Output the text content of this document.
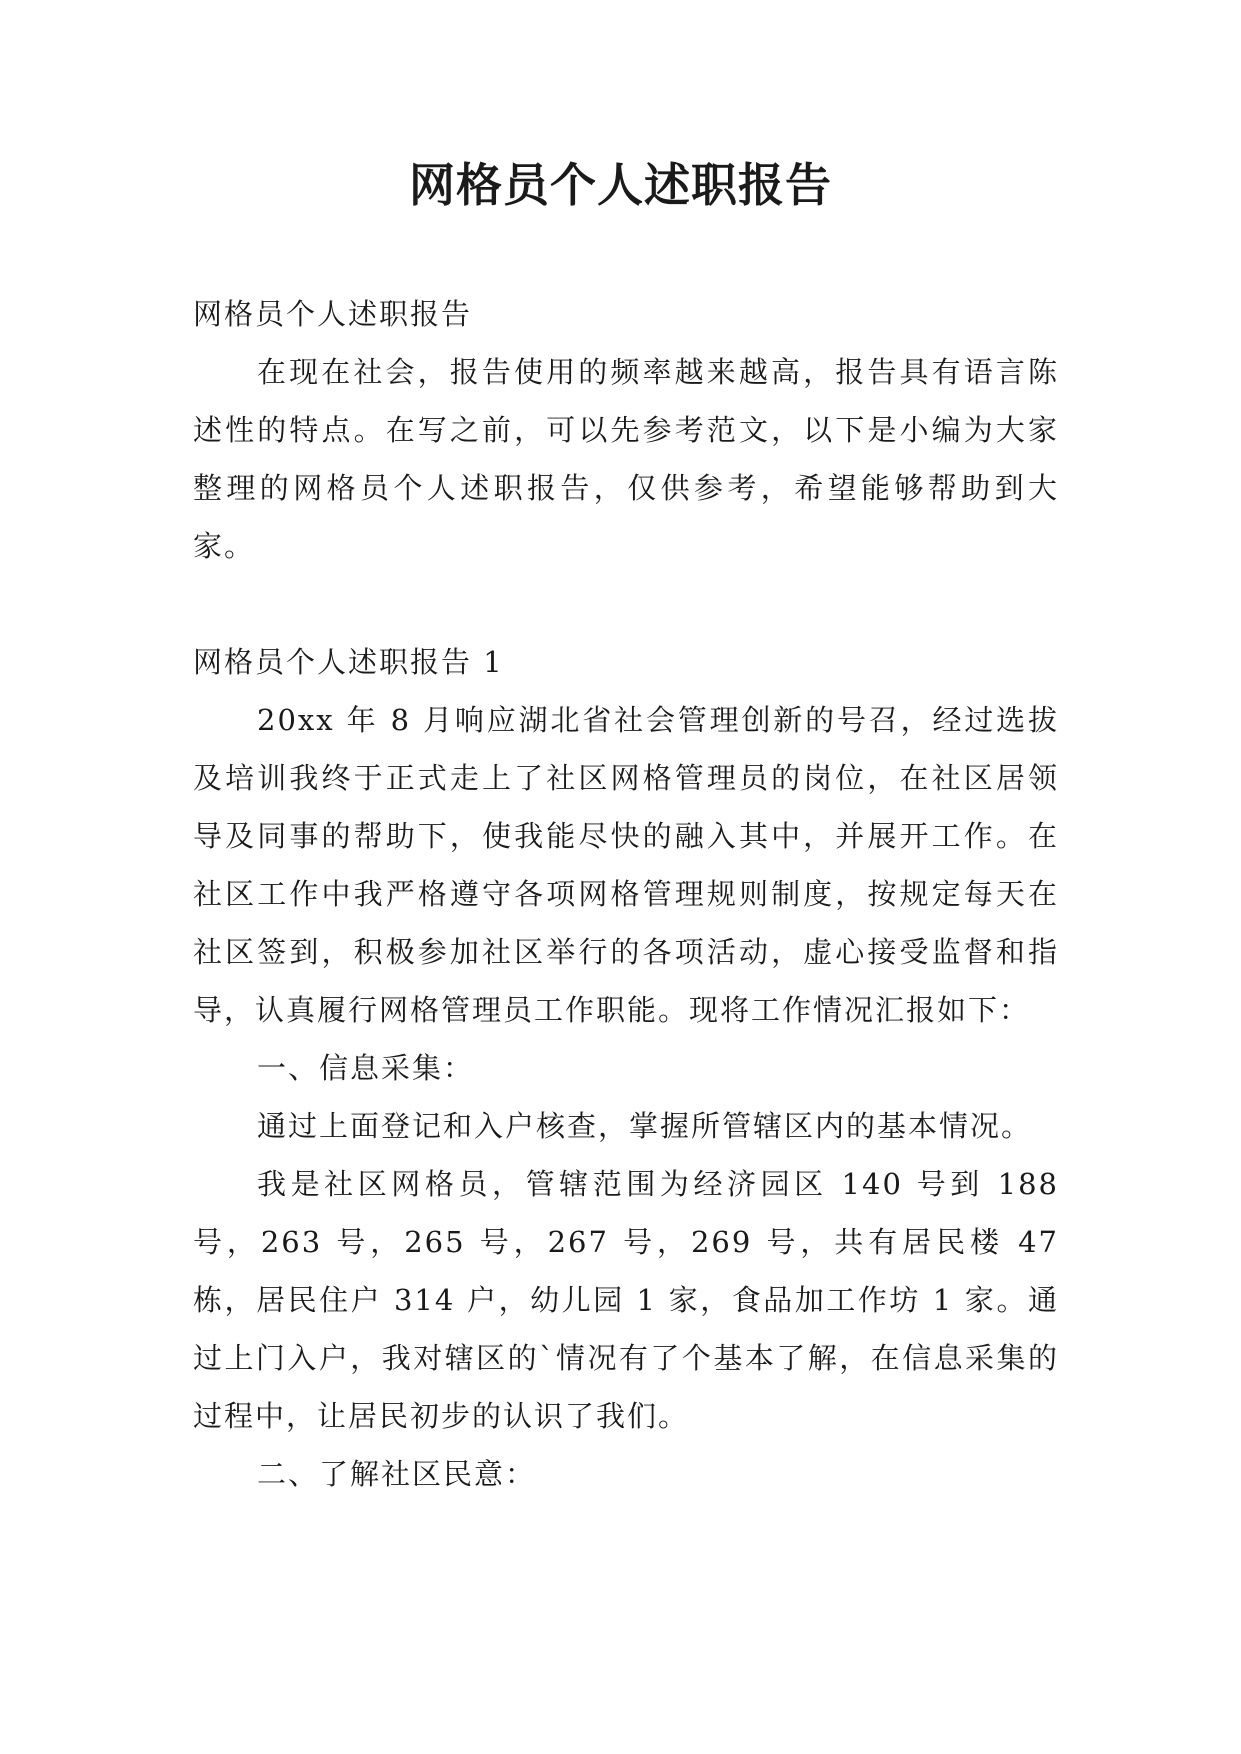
网格员个人述职报告

网格员个人述职报告

在现在社会，报告使用的频率越来越高，报告具有语言陈述性的特点。在写之前，可以先参考范文，以下是小编为大家整理的网格员个人述职报告，仅供参考，希望能够帮助到大家。

网格员个人述职报告 1

20xx 年 8 月响应湖北省社会管理创新的号召，经过选拔及培训我终于正式走上了社区网格管理员的岗位，在社区居领导及同事的帮助下，使我能尽快的融入其中，并展开工作。在社区工作中我严格遵守各项网格管理规则制度，按规定每天在社区签到，积极参加社区举行的各项活动，虚心接受监督和指导，认真履行网格管理员工作职能。现将工作情况汇报如下：

一、信息采集：

通过上面登记和入户核查，掌握所管辖区内的基本情况。

我是社区网格员，管辖范围为经济园区 140 号到 188 号，263 号，265 号，267 号，269 号，共有居民楼 47 栋，居民住户 314 户，幼儿园 1 家，食品加工作坊 1 家。通过上门入户，我对辖区的`情况有了个基本了解，在信息采集的过程中，让居民初步的认识了我们。

二、了解社区民意：
